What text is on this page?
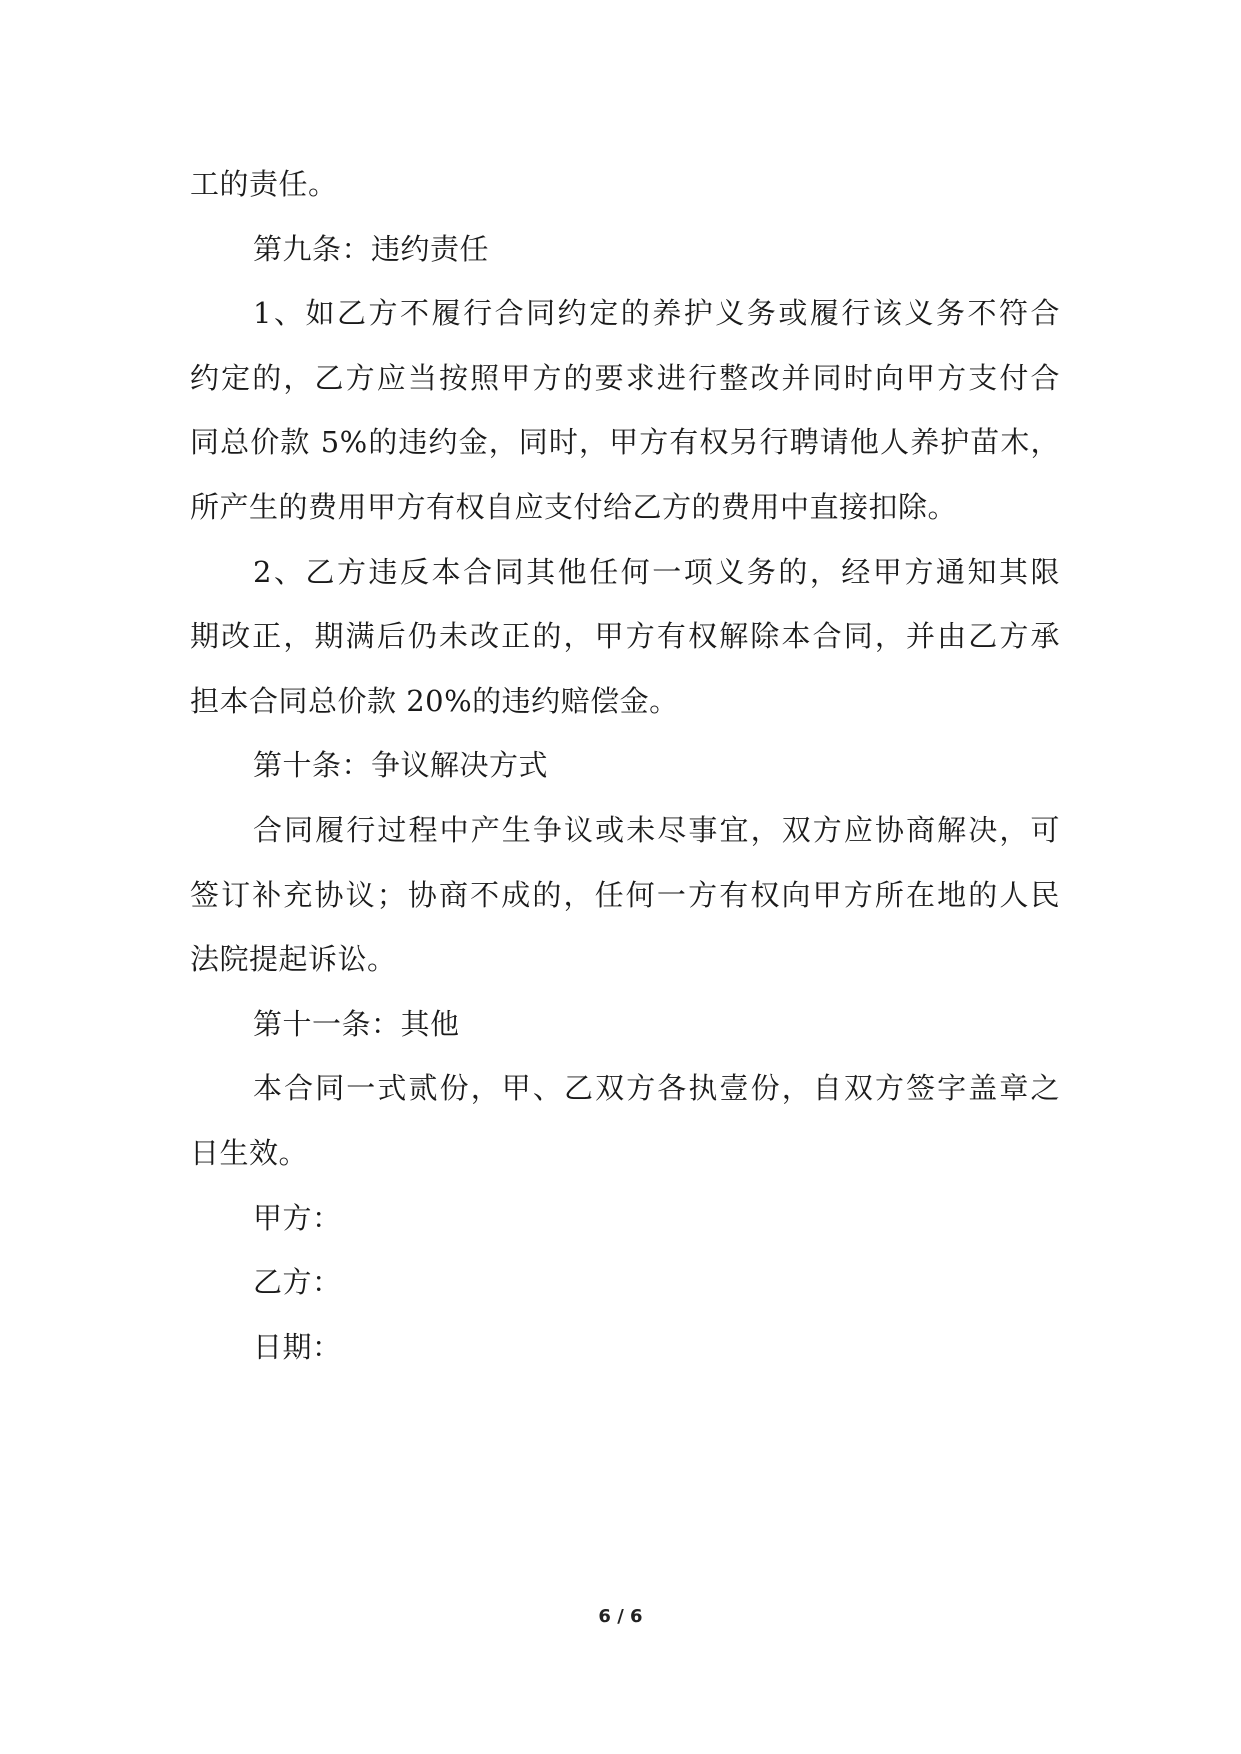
工的责任。
第九条：违约责任
1、如乙方不履行合同约定的养护义务或履行该义务不符合
约定的，乙方应当按照甲方的要求进行整改并同时向甲方支付合
同总价款 5%的违约金，同时，甲方有权另行聘请他人养护苗木，
所产生的费用甲方有权自应支付给乙方的费用中直接扣除。
2、乙方违反本合同其他任何一项义务的，经甲方通知其限
期改正，期满后仍未改正的，甲方有权解除本合同，并由乙方承
担本合同总价款 20%的违约赔偿金。
第十条：争议解决方式
合同履行过程中产生争议或未尽事宜，双方应协商解决，可
签订补充协议；协商不成的，任何一方有权向甲方所在地的人民
法院提起诉讼。
第十一条：其他
本合同一式贰份，甲、乙双方各执壹份，自双方签字盖章之
日生效。
甲方：
乙方：
日期：
6 / 6
